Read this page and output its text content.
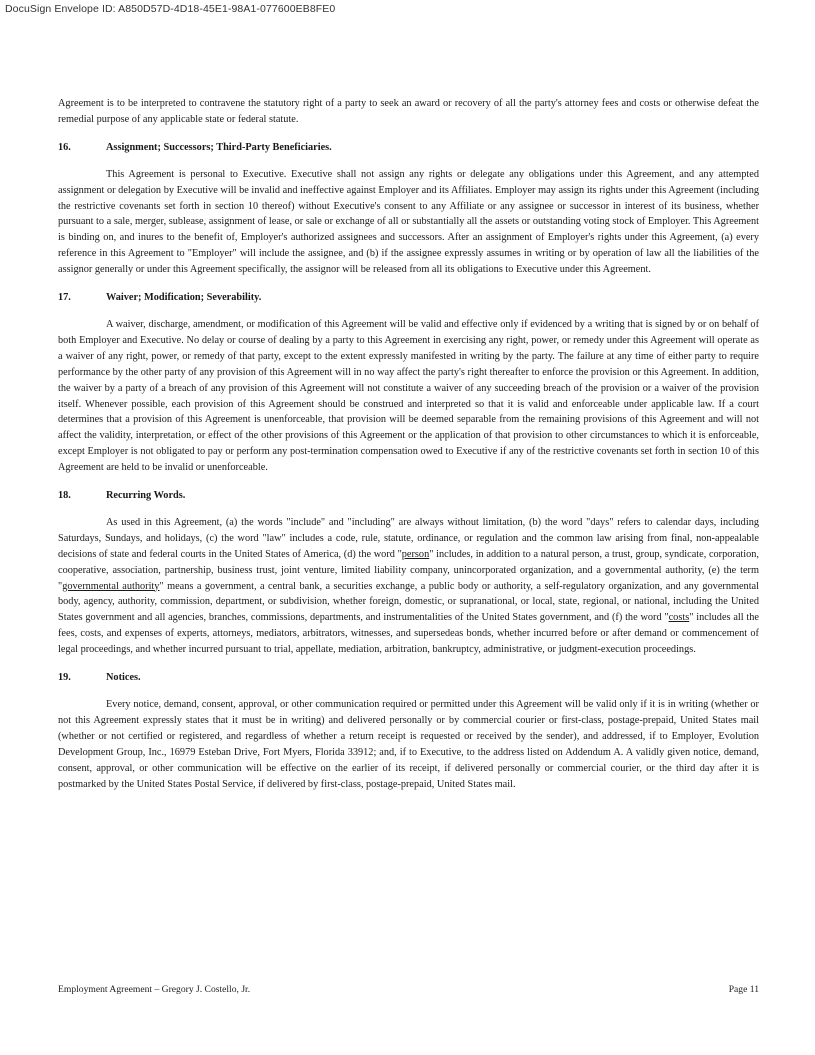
DocuSign Envelope ID: A850D57D-4D18-45E1-98A1-077600EB8FE0

Agreement is to be interpreted to contravene the statutory right of a party to seek an award or recovery of all the party's attorney fees and costs or otherwise defeat the remedial purpose of any applicable state or federal statute.

16.	Assignment; Successors; Third-Party Beneficiaries.

This Agreement is personal to Executive. Executive shall not assign any rights or delegate any obligations under this Agreement, and any attempted assignment or delegation by Executive will be invalid and ineffective against Employer and its Affiliates. Employer may assign its rights under this Agreement (including the restrictive covenants set forth in section 10 thereof) without Executive's consent to any Affiliate or any assignee or successor in interest of its business, whether pursuant to a sale, merger, sublease, assignment of lease, or sale or exchange of all or substantially all the assets or outstanding voting stock of Employer. This Agreement is binding on, and inures to the benefit of, Employer's authorized assignees and successors. After an assignment of Employer's rights under this Agreement, (a) every reference in this Agreement to "Employer" will include the assignee, and (b) if the assignee expressly assumes in writing or by operation of law all the liabilities of the assignor generally or under this Agreement specifically, the assignor will be released from all its obligations to Executive under this Agreement.

17.	Waiver; Modification; Severability.

A waiver, discharge, amendment, or modification of this Agreement will be valid and effective only if evidenced by a writing that is signed by or on behalf of both Employer and Executive. No delay or course of dealing by a party to this Agreement in exercising any right, power, or remedy under this Agreement will operate as a waiver of any right, power, or remedy of that party, except to the extent expressly manifested in writing by the party. The failure at any time of either party to require performance by the other party of any provision of this Agreement will in no way affect the party's right thereafter to enforce the provision or this Agreement. In addition, the waiver by a party of a breach of any provision of this Agreement will not constitute a waiver of any succeeding breach of the provision or a waiver of the provision itself. Whenever possible, each provision of this Agreement should be construed and interpreted so that it is valid and enforceable under applicable law. If a court determines that a provision of this Agreement is unenforceable, that provision will be deemed separable from the remaining provisions of this Agreement and will not affect the validity, interpretation, or effect of the other provisions of this Agreement or the application of that provision to other circumstances to which it is enforceable, except Employer is not obligated to pay or perform any post-termination compensation owed to Executive if any of the restrictive covenants set forth in section 10 of this Agreement are held to be invalid or unenforceable.

18.	Recurring Words.

As used in this Agreement, (a) the words "include" and "including" are always without limitation, (b) the word "days" refers to calendar days, including Saturdays, Sundays, and holidays, (c) the word "law" includes a code, rule, statute, ordinance, or regulation and the common law arising from final, non-appealable decisions of state and federal courts in the United States of America, (d) the word "person" includes, in addition to a natural person, a trust, group, syndicate, corporation, cooperative, association, partnership, business trust, joint venture, limited liability company, unincorporated organization, and a governmental authority, (e) the term "governmental authority" means a government, a central bank, a securities exchange, a public body or authority, a self-regulatory organization, and any governmental body, agency, authority, commission, department, or subdivision, whether foreign, domestic, or supranational, or local, state, regional, or national, including the United States government and all agencies, branches, commissions, departments, and instrumentalities of the United States government, and (f) the word "costs" includes all the fees, costs, and expenses of experts, attorneys, mediators, arbitrators, witnesses, and supersedeas bonds, whether incurred before or after demand or commencement of legal proceedings, and whether incurred pursuant to trial, appellate, mediation, arbitration, bankruptcy, administrative, or judgment-execution proceedings.

19.	Notices.

Every notice, demand, consent, approval, or other communication required or permitted under this Agreement will be valid only if it is in writing (whether or not this Agreement expressly states that it must be in writing) and delivered personally or by commercial courier or first-class, postage-prepaid, United States mail (whether or not certified or registered, and regardless of whether a return receipt is requested or received by the sender), and addressed, if to Employer, Evolution Development Group, Inc., 16979 Esteban Drive, Fort Myers, Florida 33912; and, if to Executive, to the address listed on Addendum A. A validly given notice, demand, consent, approval, or other communication will be effective on the earlier of its receipt, if delivered personally or commercial courier, or the third day after it is postmarked by the United States Postal Service, if delivered by first-class, postage-prepaid, United States mail.

Employment Agreement – Gregory J. Costello, Jr.	Page 11
